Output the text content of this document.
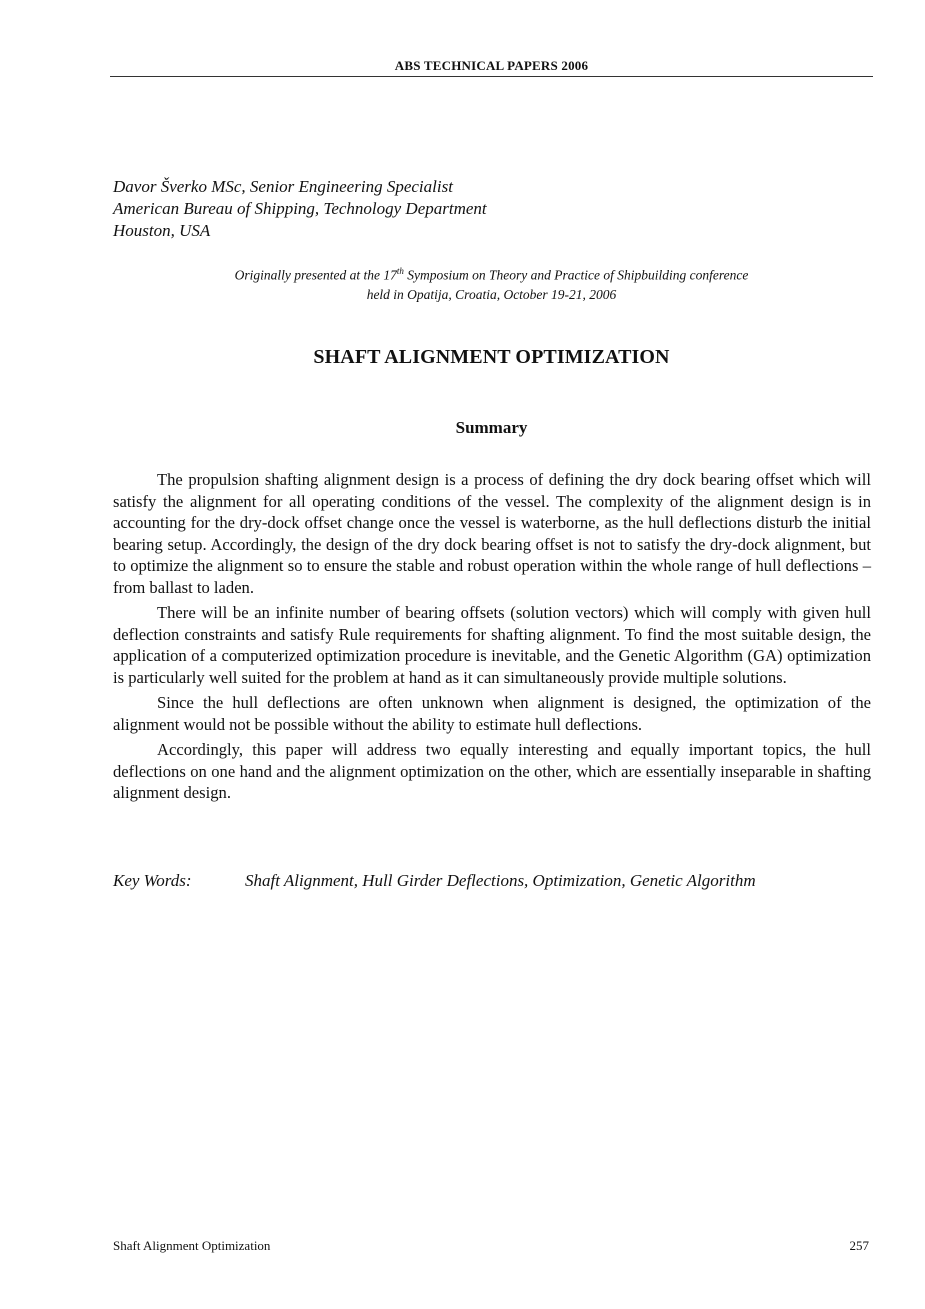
ABS TECHNICAL PAPERS 2006
Davor Šverko MSc, Senior Engineering Specialist
American Bureau of Shipping, Technology Department
Houston, USA
Originally presented at the 17th Symposium on Theory and Practice of Shipbuilding conference
held in Opatija, Croatia, October 19-21, 2006
SHAFT ALIGNMENT OPTIMIZATION
Summary

The propulsion shafting alignment design is a process of defining the dry dock bearing offset which will satisfy the alignment for all operating conditions of the vessel. The complexity of the alignment design is in accounting for the dry-dock offset change once the vessel is waterborne, as the hull deflections disturb the initial bearing setup. Accordingly, the design of the dry dock bearing offset is not to satisfy the dry-dock alignment, but to optimize the alignment so to ensure the stable and robust operation within the whole range of hull deflections – from ballast to laden.

There will be an infinite number of bearing offsets (solution vectors) which will comply with given hull deflection constraints and satisfy Rule requirements for shafting alignment. To find the most suitable design, the application of a computerized optimization procedure is inevitable, and the Genetic Algorithm (GA) optimization is particularly well suited for the problem at hand as it can simultaneously provide multiple solutions.

Since the hull deflections are often unknown when alignment is designed, the optimization of the alignment would not be possible without the ability to estimate hull deflections.

Accordingly, this paper will address two equally interesting and equally important topics, the hull deflections on one hand and the alignment optimization on the other, which are essentially inseparable in shafting alignment design.

Key Words:	Shaft Alignment, Hull Girder Deflections, Optimization, Genetic Algorithm
Shaft Alignment Optimization	257
